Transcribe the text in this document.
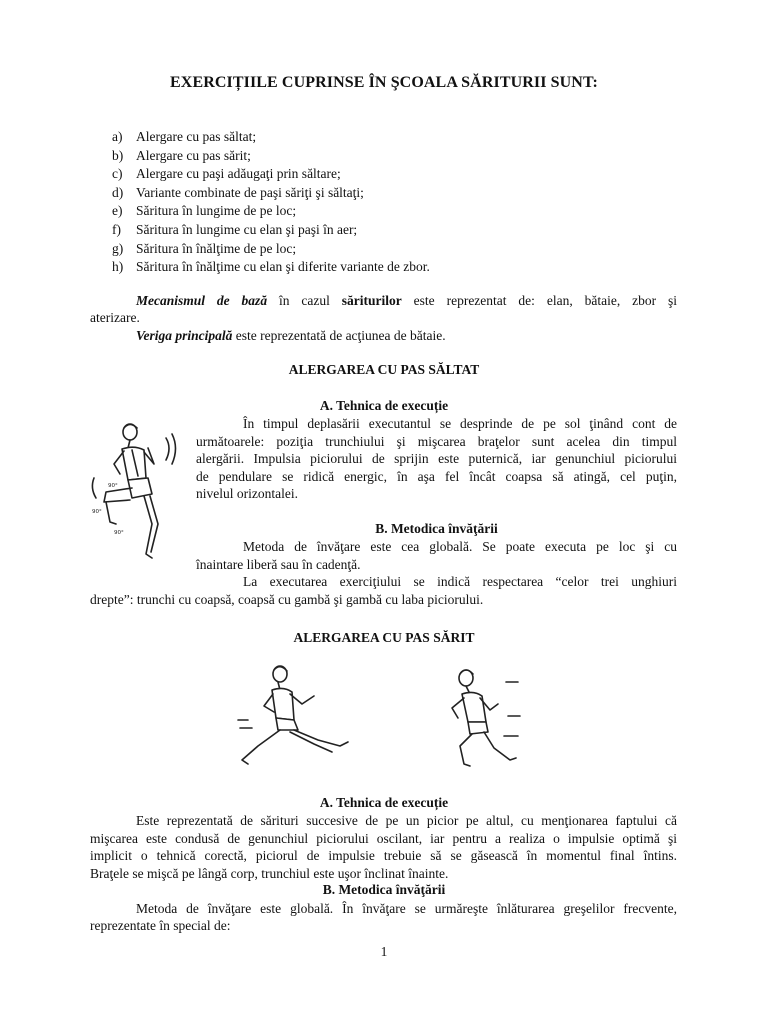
EXERCIȚIILE CUPRINSE ÎN ŞCOALA SĂRITURII SUNT:
a) Alergare cu pas săltat;
b) Alergare cu pas sărit;
c) Alergare cu paşi adăugaţi prin săltare;
d) Variante combinate de paşi săriţi şi săltaţi;
e) Săritura în lungime de pe loc;
f) Săritura în lungime cu elan şi paşi în aer;
g) Săritura în înălţime de pe loc;
h) Săritura în înălţime cu elan şi diferite variante de zbor.
Mecanismul de bază în cazul săriturilor este reprezentat de: elan, bătaie, zbor şi
aterizare.
Veriga principală este reprezentată de acţiunea de bătaie.
ALERGAREA CU PAS SĂLTAT
A. Tehnica de execuție
În timpul deplasării executantul se desprinde de pe sol ţinând cont de
următoarele: poziţia trunchiului şi mişcarea braţelor sunt acelea din timpul
alergării. Impulsia piciorului de sprijin este puternică, iar genunchiul piciorului
de pendulare se ridică energic, în aşa fel încât coapsa să atingă, cel puţin,
nivelul orizontalei.
B. Metodica învăţării
Metoda de învăţare este cea globală. Se poate executa pe loc şi cu
înaintare liberă sau în cadenţă.
La executarea exerciţiului se indică respectarea “celor trei unghiuri
drepte”: trunchi cu coapsă, coapsă cu gambă şi gambă cu laba piciorului.
90°
90°
90°
ALERGAREA CU PAS SĂRIT
A. Tehnica de execuție
Este reprezentată de sărituri succesive de pe un picior pe altul, cu menţionarea faptului că
mişcarea este condusă de genunchiul piciorului oscilant, iar pentru a realiza o impulsie optimă şi
implicit o tehnică corectă, piciorul de impulsie trebuie să se găsească în momentul final întins.
Braţele se mişcă pe lângă corp, trunchiul este uşor înclinat înainte.
B. Metodica învăţării
Metoda de învăţare este globală. În învăţare se urmăreşte înlăturarea greşelilor frecvente,
reprezentate în special de:
1
